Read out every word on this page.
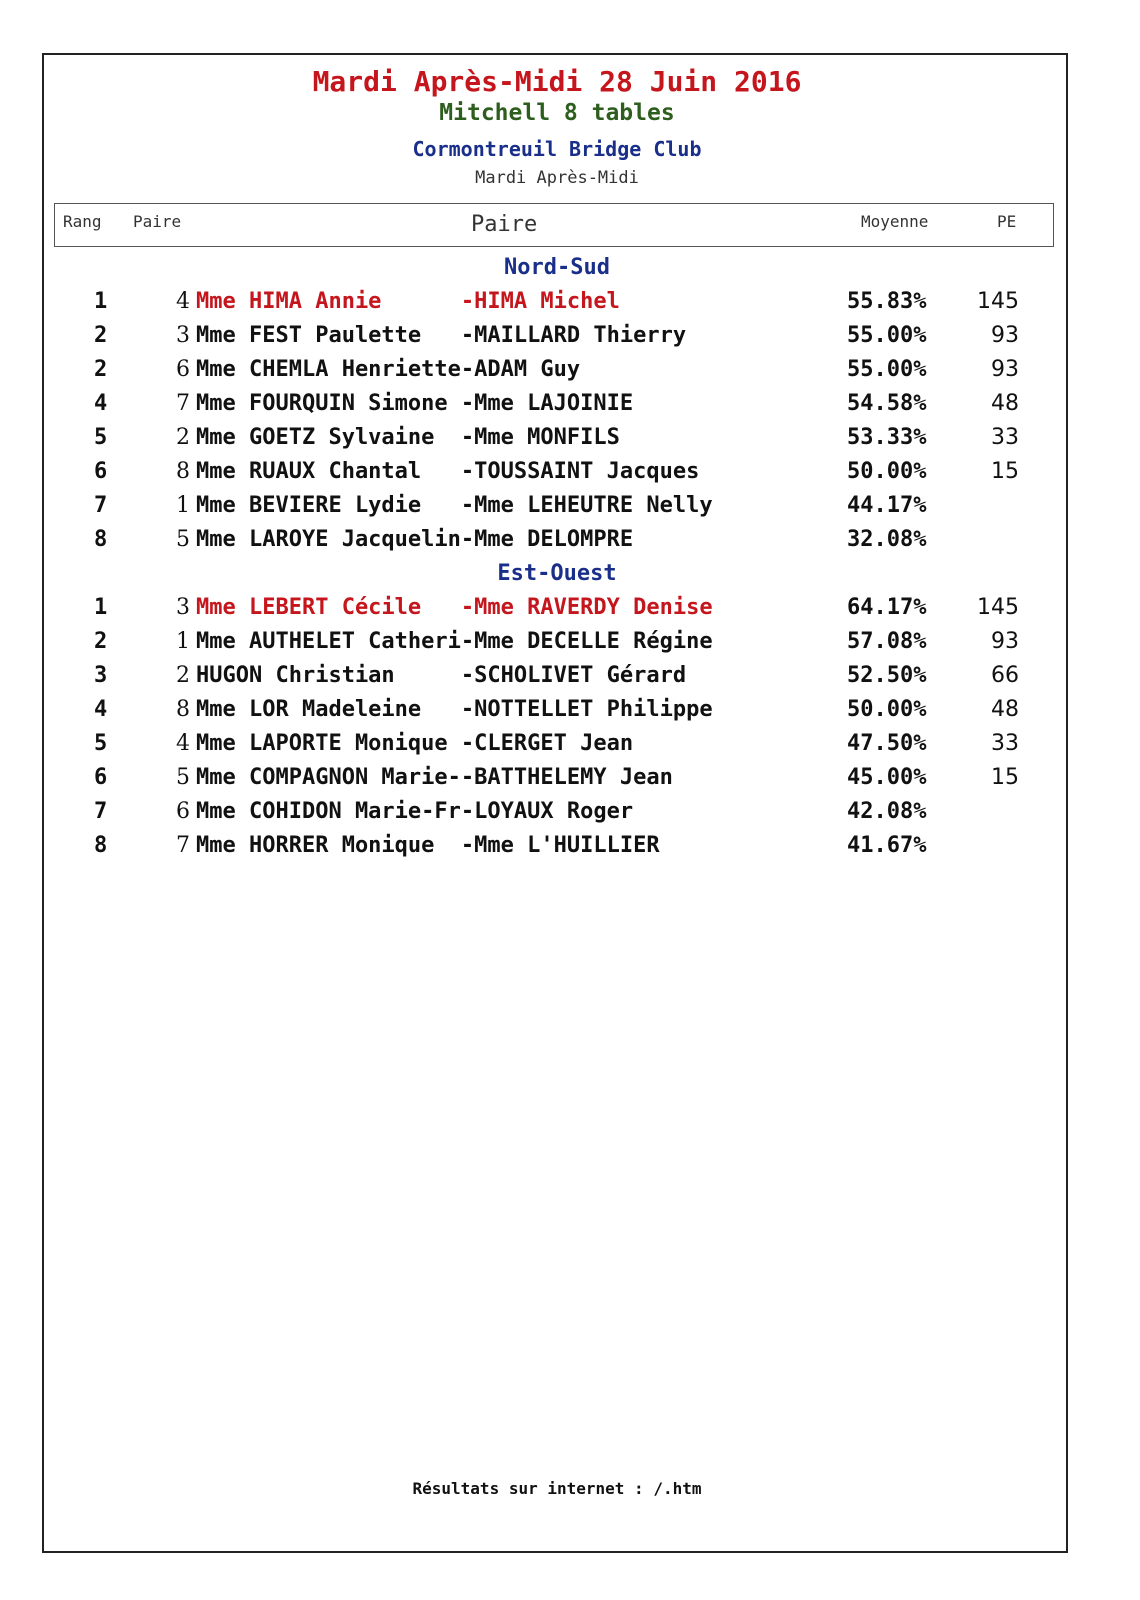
Mardi Après-Midi 28 Juin 2016
Mitchell 8 tables
Cormontreuil Bridge Club
Mardi Après-Midi
Rang Paire	Paire	Moyenne	PE
Nord-Sud
1	4 Mme HIMA Annie      -HIMA Michel	55.83%	145
2	3 Mme FEST Paulette   -MAILLARD Thierry	55.00%	93
2	6 Mme CHEMLA Henriette-ADAM Guy	55.00%	93
4	7 Mme FOURQUIN Simone -Mme LAJOINIE	54.58%	48
5	2 Mme GOETZ Sylvaine  -Mme MONFILS	53.33%	33
6	8 Mme RUAUX Chantal   -TOUSSAINT Jacques	50.00%	15
7	1 Mme BEVIERE Lydie   -Mme LEHEUTRE Nelly	44.17%
8	5 Mme LAROYE Jacquelin-Mme DELOMPRE	32.08%
Est-Ouest
1	3 Mme LEBERT Cécile   -Mme RAVERDY Denise	64.17%	145
2	1 Mme AUTHELET Catheri-Mme DECELLE Régine	57.08%	93
3	2 HUGON Christian     -SCHOLIVET Gérard	52.50%	66
4	8 Mme LOR Madeleine   -NOTTELLET Philippe	50.00%	48
5	4 Mme LAPORTE Monique -CLERGET Jean	47.50%	33
6	5 Mme COMPAGNON Marie--BATTHELEMY Jean	45.00%	15
7	6 Mme COHIDON Marie-Fr-LOYAUX Roger	42.08%
8	7 Mme HORRER Monique  -Mme L'HUILLIER	41.67%
Résultats sur internet : /.htm
